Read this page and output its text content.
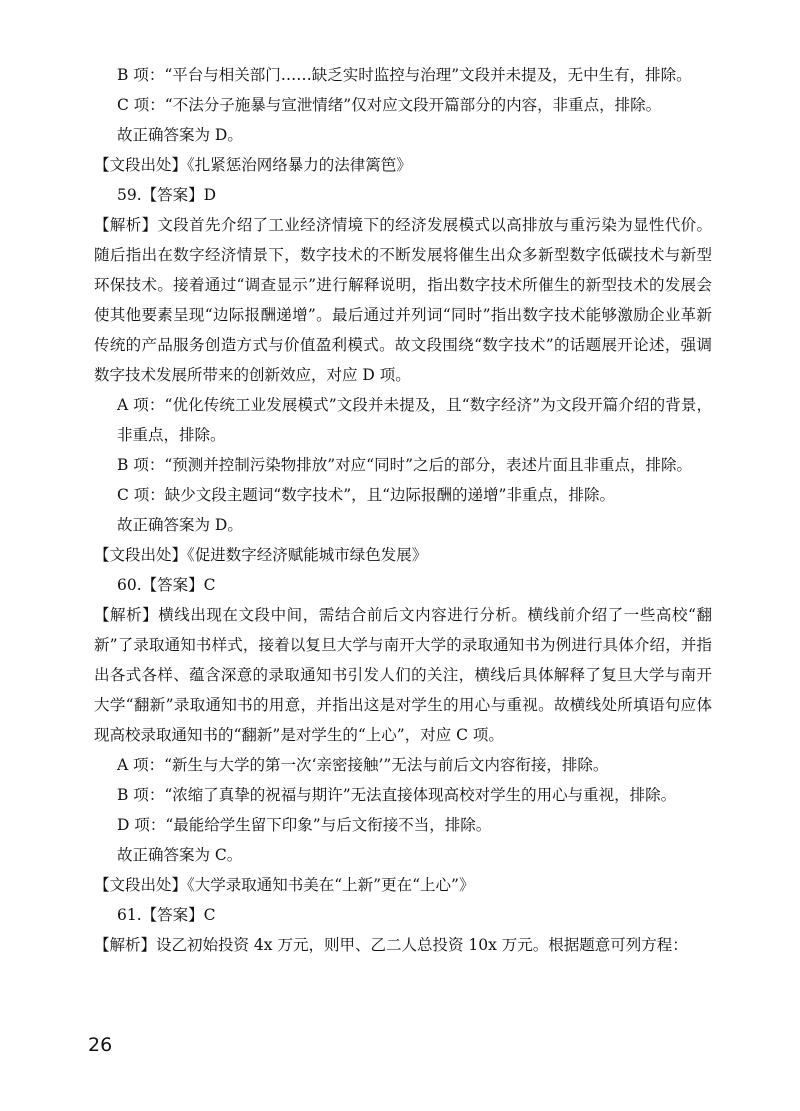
B 项：“平台与相关部门……缺乏实时监控与治理”文段并未提及，无中生有，排除。

C 项：“不法分子施暴与宣泄情绪”仅对应文段开篇部分的内容，非重点，排除。

故正确答案为 D。

【文段出处】《扎紧惩治网络暴力的法律篱笆》

59.【答案】D

【解析】文段首先介绍了工业经济情境下的经济发展模式以高排放与重污染为显性代价。随后指出在数字经济情景下，数字技术的不断发展将催生出众多新型数字低碳技术与新型环保技术。接着通过“调查显示”进行解释说明，指出数字技术所催生的新型技术的发展会使其他要素呈现“边际报酬递增”。最后通过并列词“同时”指出数字技术能够激励企业革新传统的产品服务创造方式与价值盈利模式。故文段围绕“数字技术”的话题展开论述，强调数字技术发展所带来的创新效应，对应 D 项。

A 项：“优化传统工业发展模式”文段并未提及，且“数字经济”为文段开篇介绍的背景，非重点，排除。

B 项：“预测并控制污染物排放”对应“同时”之后的部分，表述片面且非重点，排除。

C 项：缺少文段主题词“数字技术”，且“边际报酬的递增”非重点，排除。

故正确答案为 D。

【文段出处】《促进数字经济赋能城市绿色发展》

60.【答案】C

【解析】横线出现在文段中间，需结合前后文内容进行分析。横线前介绍了一些高校“翻新”了录取通知书样式，接着以复旦大学与南开大学的录取通知书为例进行具体介绍，并指出各式各样、蕴含深意的录取通知书引发人们的关注，横线后具体解释了复旦大学与南开大学“翻新”录取通知书的用意，并指出这是对学生的用心与重视。故横线处所填语句应体现高校录取通知书的“翻新”是对学生的“上心”，对应 C 项。

A 项：“新生与大学的第一次‘亲密接触’”无法与前后文内容衔接，排除。

B 项：“浓缩了真挚的祝福与期许”无法直接体现高校对学生的用心与重视，排除。

D 项：“最能给学生留下印象”与后文衔接不当，排除。

故正确答案为 C。

【文段出处】《大学录取通知书美在“上新”更在“上心”》

61.【答案】C

【解析】设乙初始投资 4x 万元，则甲、乙二人总投资 10x 万元。根据题意可列方程：

26
